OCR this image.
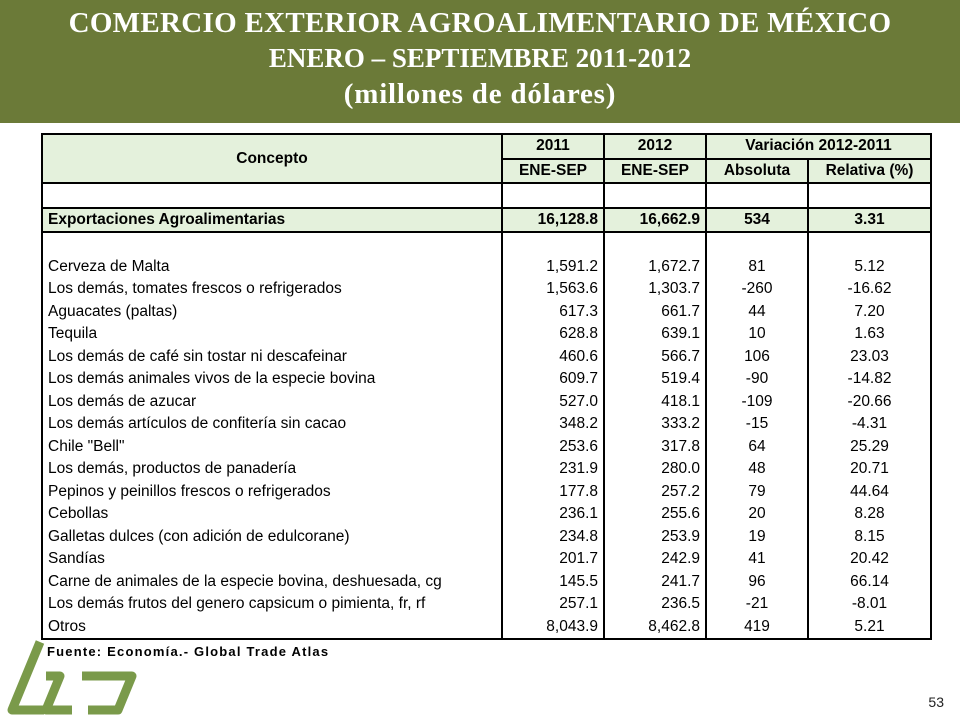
COMERCIO EXTERIOR AGROALIMENTARIO DE MÉXICO
ENERO – SEPTIEMBRE 2011-2012
(millones de dólares)
Concepto	2011	2012	Variación 2012-2011	
	ENE-SEP	ENE-SEP	Absoluta	Relativa (%)

Exportaciones Agroalimentarias	16,128.8	16,662.9	534	3.31

Cerveza de Malta	1,591.2	1,672.7	81	5.12
Los demás, tomates frescos o refrigerados	1,563.6	1,303.7	-260	-16.62
Aguacates (paltas)	617.3	661.7	44	7.20
Tequila	628.8	639.1	10	1.63
Los demás de café sin tostar ni descafeinar	460.6	566.7	106	23.03
Los demás animales vivos de la especie bovina	609.7	519.4	-90	-14.82
Los demás de azucar	527.0	418.1	-109	-20.66
Los demás artículos de confitería sin cacao	348.2	333.2	-15	-4.31
Chile "Bell"	253.6	317.8	64	25.29
Los demás, productos de panadería	231.9	280.0	48	20.71
Pepinos y peinillos frescos o refrigerados	177.8	257.2	79	44.64
Cebollas	236.1	255.6	20	8.28
Galletas dulces (con adición de edulcorane)	234.8	253.9	19	8.15
Sandías	201.7	242.9	41	20.42
Carne de animales de la especie bovina, deshuesada, cg	145.5	241.7	96	66.14
Los demás frutos del genero capsicum o pimienta, fr, rf	257.1	236.5	-21	-8.01
Otros	8,043.9	8,462.8	419	5.21
Fuente: Economía.- Global Trade Atlas				
53
